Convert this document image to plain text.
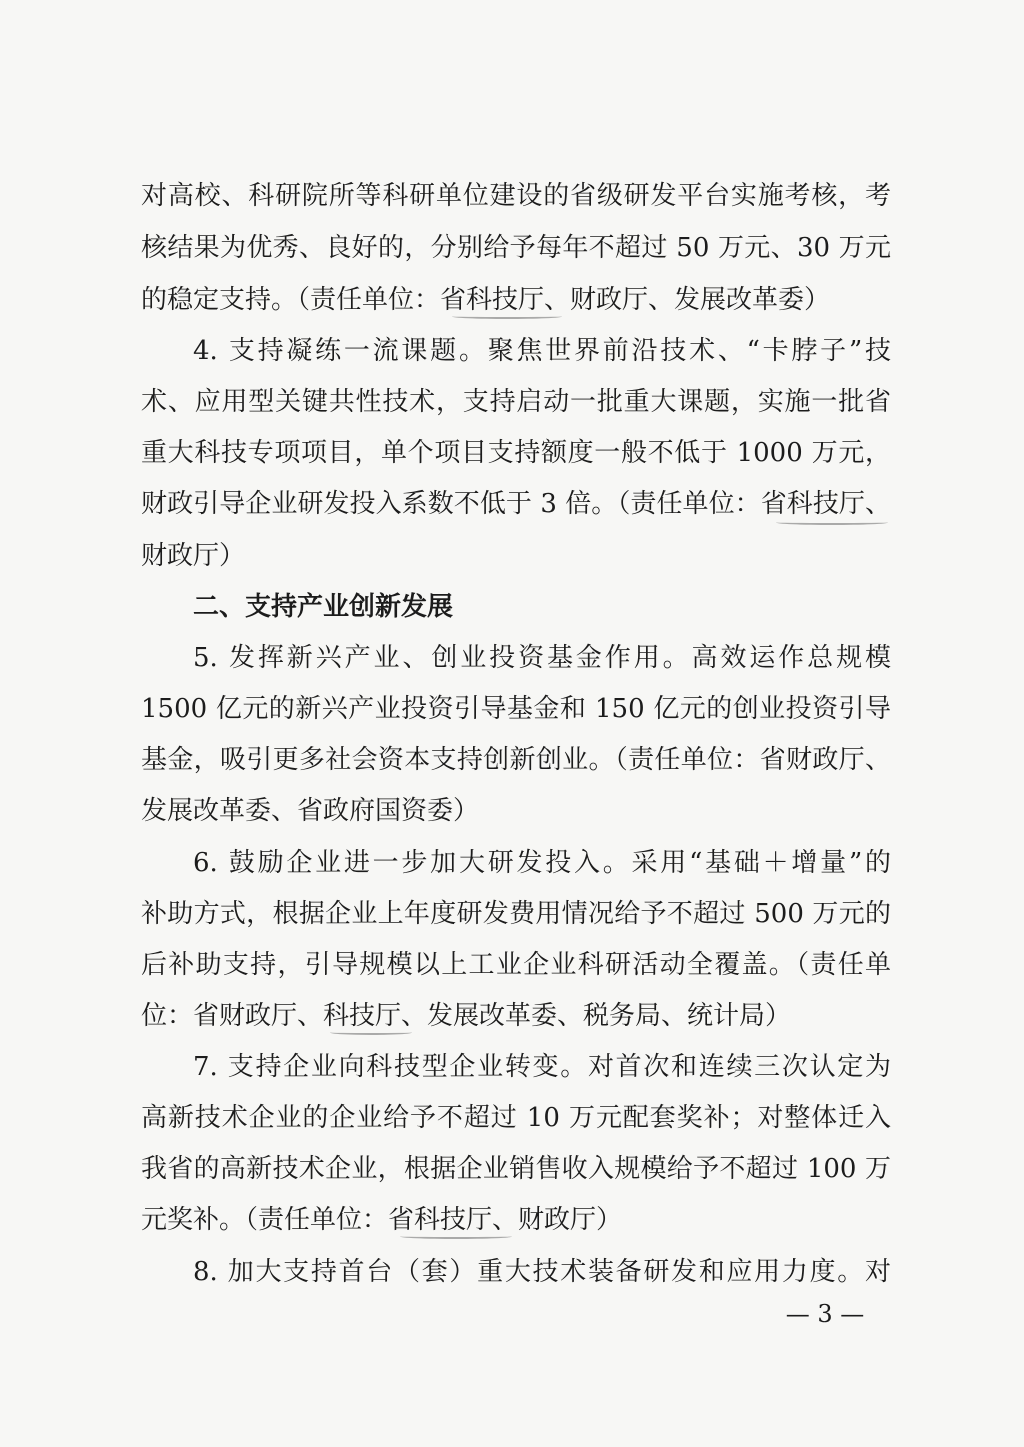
对高校、科研院所等科研单位建设的省级研发平台实施考核，考
核结果为优秀、良好的，分别给予每年不超过 50 万元、30 万元
的稳定支持。（责任单位：省科技厅、财政厅、发展改革委）
4. 支持凝练一流课题。聚焦世界前沿技术、“卡脖子”技
术、应用型关键共性技术，支持启动一批重大课题，实施一批省
重大科技专项项目，单个项目支持额度一般不低于 1000 万元，
财政引导企业研发投入系数不低于 3 倍。（责任单位：省科技厅、
财政厅）
二、支持产业创新发展
5. 发挥新兴产业、创业投资基金作用。高效运作总规模
1500 亿元的新兴产业投资引导基金和 150 亿元的创业投资引导
基金，吸引更多社会资本支持创新创业。（责任单位：省财政厅、
发展改革委、省政府国资委）
6. 鼓励企业进一步加大研发投入。采用“基础＋增量”的
补助方式，根据企业上年度研发费用情况给予不超过 500 万元的
后补助支持，引导规模以上工业企业科研活动全覆盖。（责任单
位：省财政厅、科技厅、发展改革委、税务局、统计局）
7. 支持企业向科技型企业转变。对首次和连续三次认定为
高新技术企业的企业给予不超过 10 万元配套奖补；对整体迁入
我省的高新技术企业，根据企业销售收入规模给予不超过 100 万
元奖补。（责任单位：省科技厅、财政厅）
8. 加大支持首台（套）重大技术装备研发和应用力度。对
— 3 —
